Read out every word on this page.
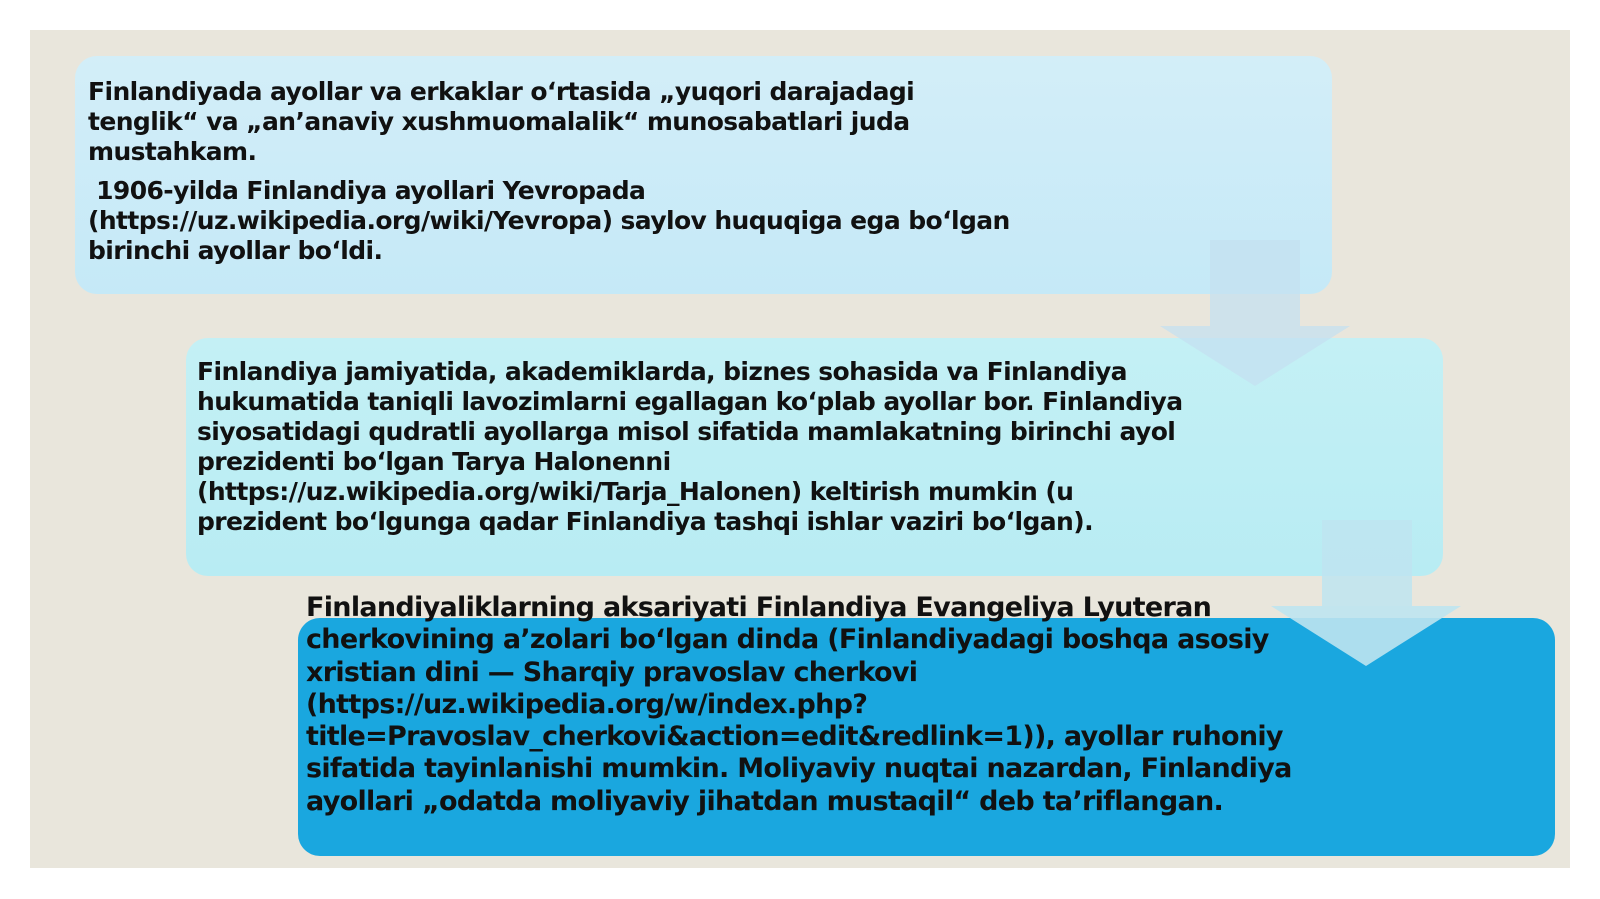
Finlandiyada ayollar va erkaklar oʻrtasida „yuqori darajadagi tenglik“ va „an’anaviy xushmuomalalik“ munosabatlari juda mustahkam.

1906-yilda Finlandiya ayollari Yevropada (https://uz.wikipedia.org/wiki/Yevropa) saylov huquqiga ega boʻlgan birinchi ayollar boʻldi.

Finlandiya jamiyatida, akademiklarda, biznes sohasida va Finlandiya hukumatida taniqli lavozimlarni egallagan koʻplab ayollar bor. Finlandiya siyosatidagi qudratli ayollarga misol sifatida mamlakatning birinchi ayol prezidenti boʻlgan Tarya Halonenni (https://uz.wikipedia.org/wiki/Tarja_Halonen) keltirish mumkin (u prezident boʻlgunga qadar Finlandiya tashqi ishlar vaziri boʻlgan).

Finlandiyaliklarning aksariyati Finlandiya Evangeliya Lyuteran cherkovining a’zolari boʻlgan dinda (Finlandiyadagi boshqa asosiy xristian dini — Sharqiy pravoslav cherkovi (https://uz.wikipedia.org/w/index.php?title=Pravoslav_cherkovi&action=edit&redlink=1)), ayollar ruhoniy sifatida tayinlanishi mumkin. Moliyaviy nuqtai nazardan, Finlandiya ayollari „odatda moliyaviy jihatdan mustaqil“ deb ta’riflangan.
